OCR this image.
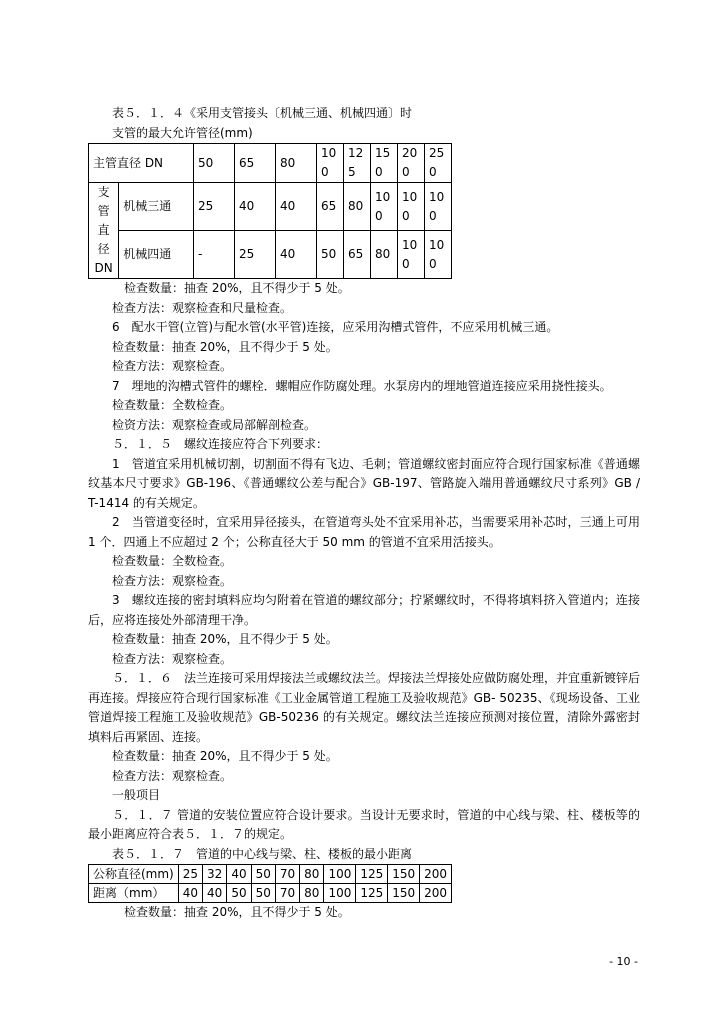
表５．１．４《采用支管接头〔机械三通、机械四通〕时
支管的最大允许管径(mm)
主管直径 DN		50	65	80	100	125	150	200	250
支管直径DN	机械三通	25	40	40	65	80	100	100	100
	机械四通	-	25	40	50	65	80	100	100
检查数量：抽查 20%，且不得少于 5 处。
检查方法：观察检查和尺量检查。
6　配水干管(立管)与配水管(水平管)连接，应采用沟槽式管件，不应采用机械三通。
检查数量：抽查 20%，且不得少于 5 处。
检查方法：观察检查。
7　埋地的沟槽式管件的螺栓．螺帽应作防腐处理。水泵房内的埋地管道连接应采用挠性接头。
检查数量：全数检查。
检资方法：观察检查或局部解剖检查。
５．１．５　螺纹连接应符合下列要求：

1　管道宜采用机械切割，切割面不得有飞边、毛刺；管道螺纹密封面应符合现行国家标准《普通螺纹基本尺寸要求》GB-196、《普通螺纹公差与配合》GB-197、管路旋入端用普通螺纹尺寸系列》GB / T-1414 的有关规定。

2　当管道变径时，宜采用异径接头，在管道弯头处不宜采用补芯，当需要采用补芯时，三通上可用 1 个．四通上不应超过 2 个；公称直径大于 50 mm 的管道不宜采用活接头。

检查数量：全数检查。
检查方法：观察检查。

3　螺纹连接的密封填料应均匀附着在管道的螺纹部分；拧紧螺纹时，不得将填料挤入管道内；连接后，应将连接处外部清理干净。

检查数量：抽查 20%，且不得少于 5 处。
检查方法：观察检查。

５．１．６　法兰连接可采用焊接法兰或螺纹法兰。焊接法兰焊接处应做防腐处理，并宜重新镀锌后再连接。焊接应符合现行国家标准《工业金属管道工程施工及验收规范》GB- 50235、《现场设备、工业管道焊接工程施工及验收规范》GB-50236 的有关规定。螺纹法兰连接应预测对接位置，清除外露密封填料后再紧固、连接。

检查数量：抽查 20%，且不得少于 5 处。
检查方法：观察检查。
一般项目

５．１．７ 管道的安装位置应符合设计要求。当设计无要求时，管道的中心线与梁、柱、楼板等的最小距离应符合表５．１．７的规定。

表５．１．７　管道的中心线与梁、柱、楼板的最小距离
公称直径(mm)	25	32	40	50	70	80	100	125	150	200
距离（mm）	40	40	50	50	70	80	100	125	150	200
检查数量：抽查 20%，且不得少于 5 处。
- 10 -
